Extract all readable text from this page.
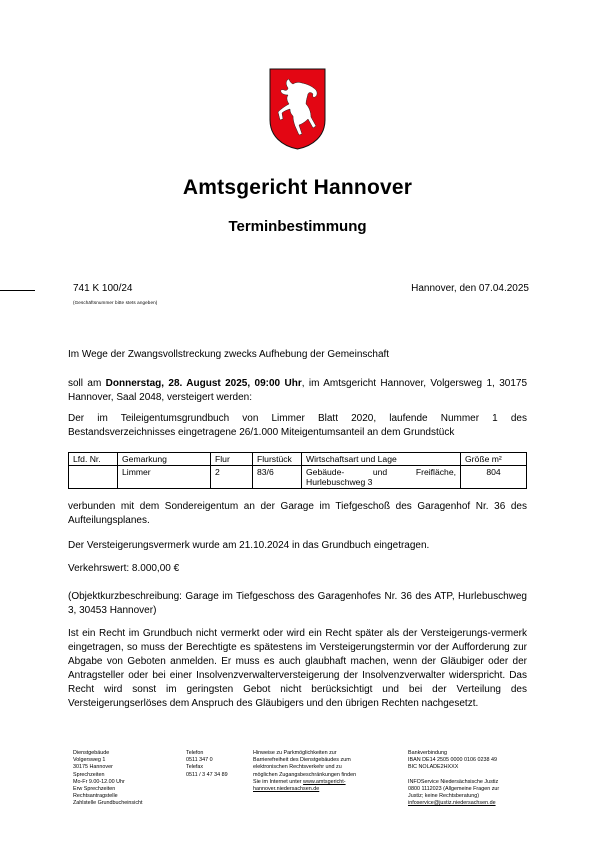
Amtsgericht Hannover
Terminbestimmung
741 K 100/24
(Geschäftsnummer bitte stets angeben)
Hannover, den 07.04.2025
Im Wege der Zwangsvollstreckung zwecks Aufhebung der Gemeinschaft
soll am Donnerstag, 28. August 2025, 09:00 Uhr, im Amtsgericht Hannover, Volgersweg 1, 30175 Hannover, Saal 2048, versteigert werden:
Der im Teileigentumsgrundbuch von Limmer Blatt 2020, laufende Nummer 1 des Bestandsverzeichnisses eingetragene 26/1.000 Miteigentumsanteil an dem Grundstück
Lfd. Nr.	Gemarkung	Flur	Flurstück	Wirtschaftsart und Lage	Größe m²
	Limmer	2	83/6	Gebäude- und Freifläche, Hurlebuschweg 3	804
verbunden mit dem Sondereigentum an der Garage im Tiefgeschoß des Garagenhof Nr. 36 des Aufteilungsplanes.
Der Versteigerungsvermerk wurde am 21.10.2024 in das Grundbuch eingetragen.
Verkehrswert: 8.000,00 €
(Objektkurzbeschreibung: Garage im Tiefgeschoss des Garagenhofes Nr. 36 des ATP, Hurlebuschweg 3, 30453 Hannover)
Ist ein Recht im Grundbuch nicht vermerkt oder wird ein Recht später als der Versteigerungs-vermerk eingetragen, so muss der Berechtigte es spätestens im Versteigerungstermin vor der Aufforderung zur Abgabe von Geboten anmelden. Er muss es auch glaubhaft machen, wenn der Gläubiger oder der Antragsteller oder bei einer Insolvenzverwalterversteigerung der Insolvenzverwalter widerspricht. Das Recht wird sonst im geringsten Gebot nicht berücksichtigt und bei der Verteilung des Versteigerungserlöses dem Anspruch des Gläubigers und den übrigen Rechten nachgesetzt.
Dienstgebäude
Volgersweg 1
30175 Hannover
Sprechzeiten
Mo-Fr 9.00-12.00 Uhr
Erw Sprechzeiten
Rechtsantragstelle
Zahlstelle Grundbucheinsicht
Telefon
0511 347 0
Telefax
0511 / 3 47 34 89
Hinweise zu Parkmöglichkeiten zur
Barrierefreiheit des Dienstgebäudes zum
elektronischen Rechtsverkehr und zu
möglichen Zugangsbeschränkungen finden
Sie im Internet unter www.amtsgericht-
hannover.niedersachsen.de
Bankverbindung
IBAN DE14 2505 0000 0106 0238 49
BIC NOLADE2HXXX
INFOService Niedersächsische Justiz
0800 1112023 (Allgemeine Fragen zur
Justiz; keine Rechtsberatung)
infoservice@justiz.niedersachsen.de
